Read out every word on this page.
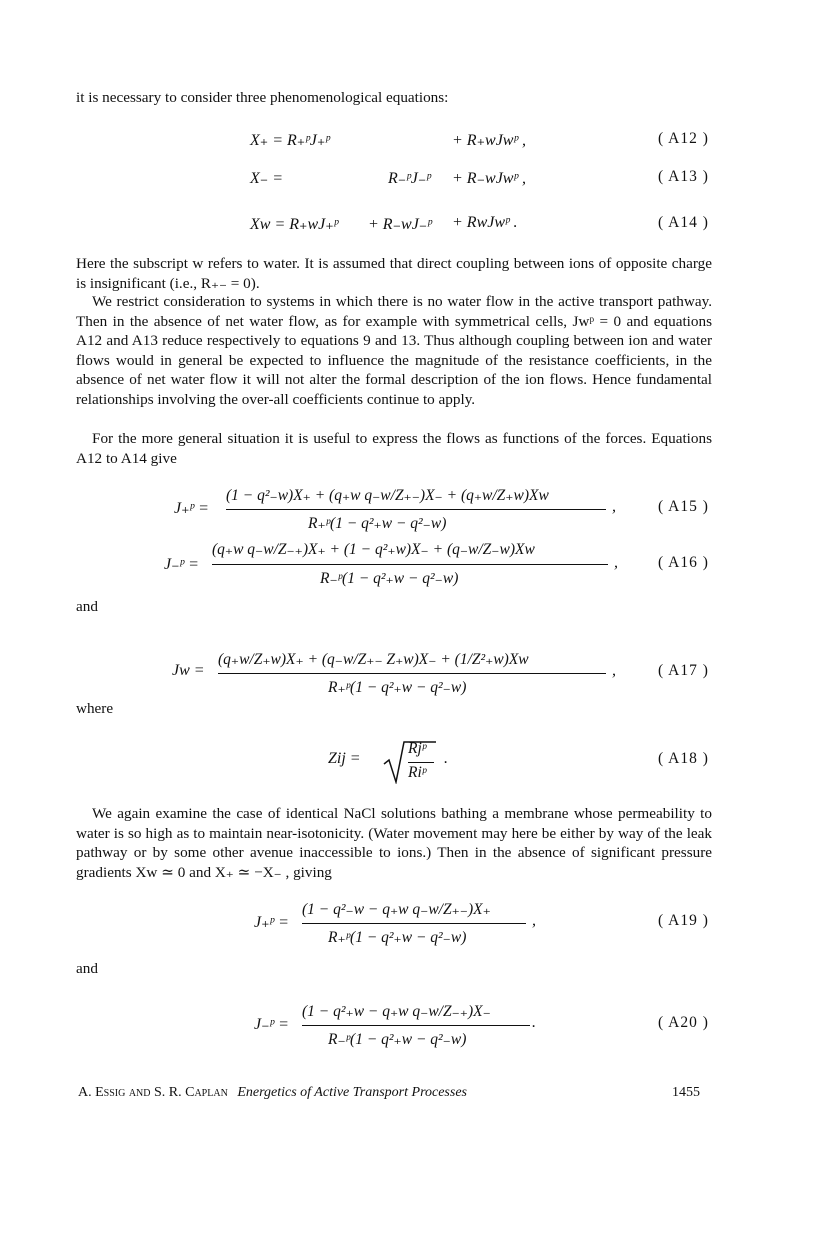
it is necessary to consider three phenomenological equations:

X₊ = R₊ᵖJ₊ᵖ	+ R₊wJwᵖ ,	( A12 )
X₋ =	R₋ᵖJ₋ᵖ + R₋wJwᵖ ,	( A13 )
Xw = R₊wJ₊ᵖ + R₋wJ₋ᵖ + RwJwᵖ .	( A14 )

Here the subscript w refers to water. It is assumed that direct coupling between ions of opposite charge is insignificant (i.e., R₊₋ = 0).

We restrict consideration to systems in which there is no water flow in the active transport pathway. Then in the absence of net water flow, as for example with symmetrical cells, Jwᵖ = 0 and equations A12 and A13 reduce respectively to equations 9 and 13. Thus although coupling between ion and water flows would in general be expected to influence the magnitude of the resistance coefficients, in the absence of net water flow it will not alter the formal description of the ion flows. Hence fundamental relationships involving the over-all coefficients continue to apply.

For the more general situation it is useful to express the flows as functions of the forces. Equations A12 to A14 give

J₊ᵖ =
(1 − q²₋w)X₊ + (q₊w q₋w/Z₊₋)X₋ + (q₊w/Z₊w)Xw
R₊ᵖ(1 − q²₊w − q²₋w)
,	( A15 )
J₋ᵖ =
(q₊w q₋w/Z₋₊)X₊ + (1 − q²₊w)X₋ + (q₋w/Z₋w)Xw
R₋ᵖ(1 − q²₊w − q²₋w)
,	( A16 )

and

Jw =
(q₊w/Z₊w)X₊ + (q₋w/Z₊₋ Z₊w)X₋ + (1/Z²₊w)Xw
R₊ᵖ(1 − q²₊w − q²₋w)
,	( A17 )

where

Zij =
Rjᵖ
Riᵖ
.	( A18 )

We again examine the case of identical NaCl solutions bathing a membrane whose permeability to water is so high as to maintain near-isotonicity. (Water movement may here be either by way of the leak pathway or by some other avenue inaccessible to ions.) Then in the absence of significant pressure gradients Xw ≃ 0 and X₊ ≃ −X₋ , giving

J₊ᵖ =
(1 − q²₋w − q₊w q₋w/Z₊₋)X₊
R₊ᵖ(1 − q²₊w − q²₋w)
,	( A19 )

and

J₋ᵖ =
(1 − q²₊w − q₊w q₋w/Z₋₊)X₋
R₋ᵖ(1 − q²₊w − q²₋w)
.	( A20 )
A. Essig and S. R. Caplan Energetics of Active Transport Processes	1455
